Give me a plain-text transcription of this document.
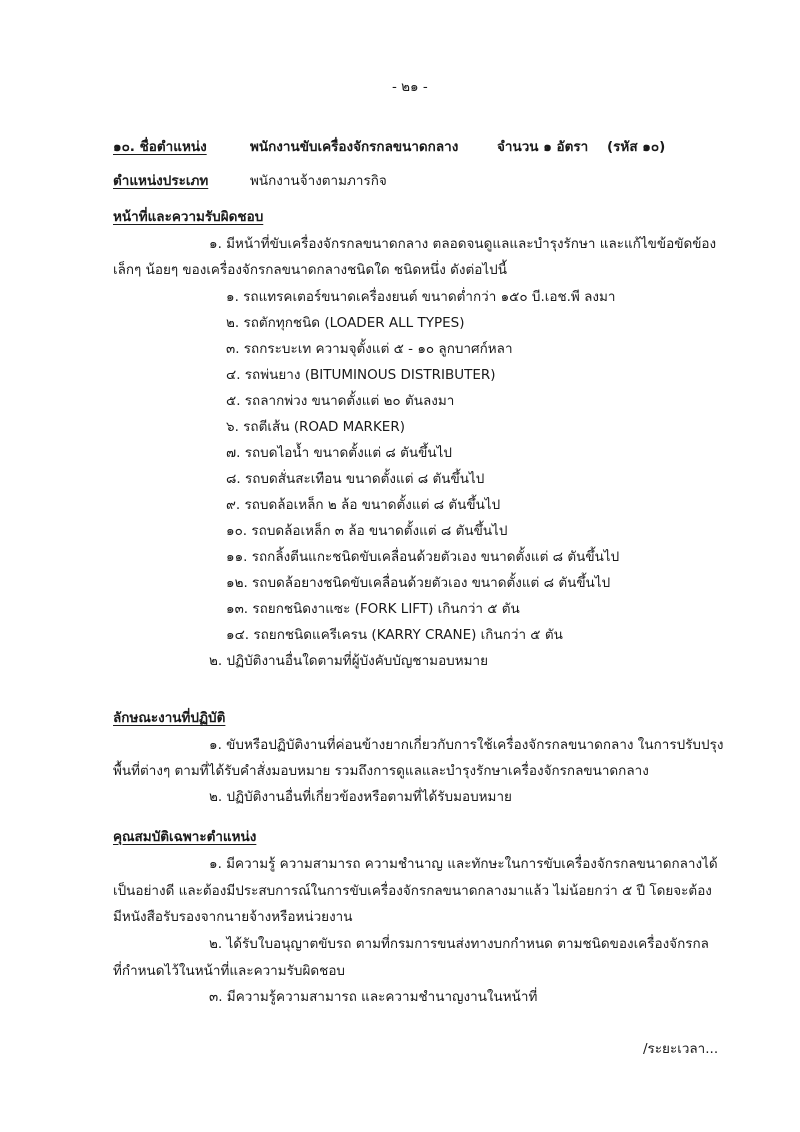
- ๒๑ -
๑๐. ชื่อตำแหน่ง	พนักงานขับเครื่องจักรกลขนาดกลาง	จำนวน ๑ อัตรา (รหัส ๑๐)
ตำแหน่งประเภท	พนักงานจ้างตามภารกิจ
หน้าที่และความรับผิดชอบ
๑. มีหน้าที่ขับเครื่องจักรกลขนาดกลาง ตลอดจนดูแลและบำรุงรักษา และแก้ไขข้อขัดข้อง
เล็กๆ น้อยๆ ของเครื่องจักรกลขนาดกลางชนิดใด ชนิดหนึ่ง ดังต่อไปนี้
๑. รถแทรคเตอร์ขนาดเครื่องยนต์ ขนาดต่ำกว่า ๑๕๐ บี.เอช.พี ลงมา
๒. รถตักทุกชนิด (LOADER ALL TYPES)
๓. รถกระบะเท ความจุตั้งแต่ ๕ - ๑๐ ลูกบาศก์หลา
๔. รถพ่นยาง (BITUMINOUS DISTRIBUTER)
๕. รถลากพ่วง ขนาดตั้งแต่ ๒๐ ตันลงมา
๖. รถตีเส้น (ROAD MARKER)
๗. รถบดไอน้ำ ขนาดตั้งแต่ ๘ ตันขึ้นไป
๘. รถบดสั่นสะเทือน ขนาดตั้งแต่ ๘ ตันขึ้นไป
๙. รถบดล้อเหล็ก ๒ ล้อ ขนาดตั้งแต่ ๘ ตันขึ้นไป
๑๐. รถบดล้อเหล็ก ๓ ล้อ ขนาดตั้งแต่ ๘ ตันขึ้นไป
๑๑. รถกลิ้งตีนแกะชนิดขับเคลื่อนด้วยตัวเอง ขนาดตั้งแต่ ๘ ตันขึ้นไป
๑๒. รถบดล้อยางชนิดขับเคลื่อนด้วยตัวเอง ขนาดตั้งแต่ ๘ ตันขึ้นไป
๑๓. รถยกชนิดงาแซะ (FORK LIFT) เกินกว่า ๕ ตัน
๑๔. รถยกชนิดแครีเครน (KARRY CRANE) เกินกว่า ๕ ตัน
๒. ปฏิบัติงานอื่นใดตามที่ผู้บังคับบัญชามอบหมาย
ลักษณะงานที่ปฏิบัติ
๑. ขับหรือปฏิบัติงานที่ค่อนข้างยากเกี่ยวกับการใช้เครื่องจักรกลขนาดกลาง ในการปรับปรุง
พื้นที่ต่างๆ ตามที่ได้รับคำสั่งมอบหมาย รวมถึงการดูแลและบำรุงรักษาเครื่องจักรกลขนาดกลาง
๒. ปฏิบัติงานอื่นที่เกี่ยวข้องหรือตามที่ได้รับมอบหมาย
คุณสมบัติเฉพาะตำแหน่ง
๑. มีความรู้ ความสามารถ ความชำนาญ และทักษะในการขับเครื่องจักรกลขนาดกลางได้
เป็นอย่างดี และต้องมีประสบการณ์ในการขับเครื่องจักรกลขนาดกลางมาแล้ว ไม่น้อยกว่า ๕ ปี โดยจะต้อง
มีหนังสือรับรองจากนายจ้างหรือหน่วยงาน
๒. ได้รับใบอนุญาตขับรถ ตามที่กรมการขนส่งทางบกกำหนด ตามชนิดของเครื่องจักรกล
ที่กำหนดไว้ในหน้าที่และความรับผิดชอบ
๓. มีความรู้ความสามารถ และความชำนาญงานในหน้าที่
/ระยะเวลา...
